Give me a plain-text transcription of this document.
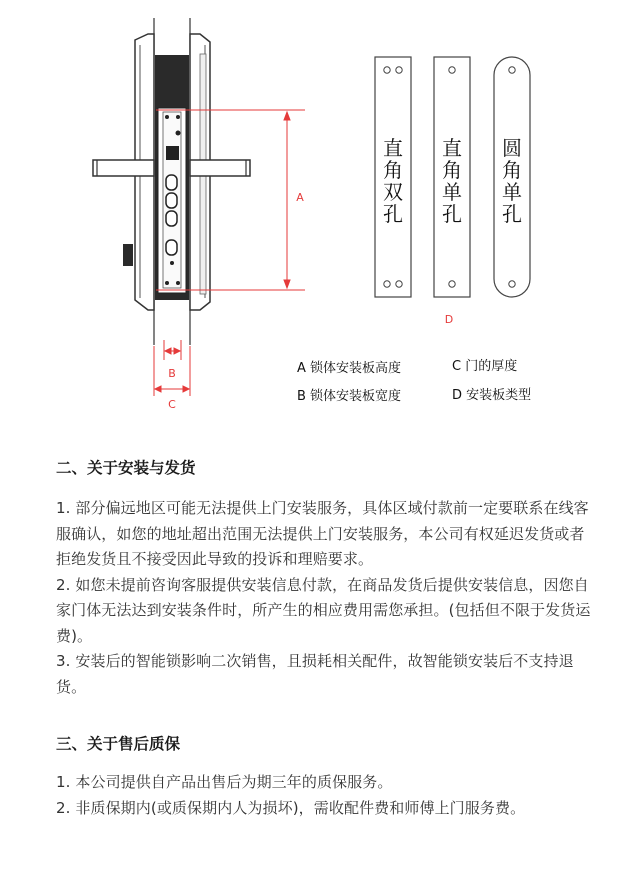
A
B
C
直
角
双
孔
直
角
单
孔
圆
角
单
孔
D
A 锁体安装板高度	C 门的厚度
B 锁体安装板宽度	D 安装板类型
二、关于安装与发货

1. 部分偏远地区可能无法提供上门安装服务，具体区域付款前一定要联系在线客服确认，如您的地址超出范围无法提供上门安装服务，本公司有权延迟发货或者拒绝发货且不接受因此导致的投诉和理赔要求。

2. 如您未提前咨询客服提供安装信息付款，在商品发货后提供安装信息，因您自家门体无法达到安装条件时，所产生的相应费用需您承担。(包括但不限于发货运费)。

3. 安装后的智能锁影响二次销售，且损耗相关配件，故智能锁安装后不支持退货。

三、关于售后质保

1. 本公司提供自产品出售后为期三年的质保服务。

2. 非质保期内(或质保期内人为损坏)，需收配件费和师傅上门服务费。
